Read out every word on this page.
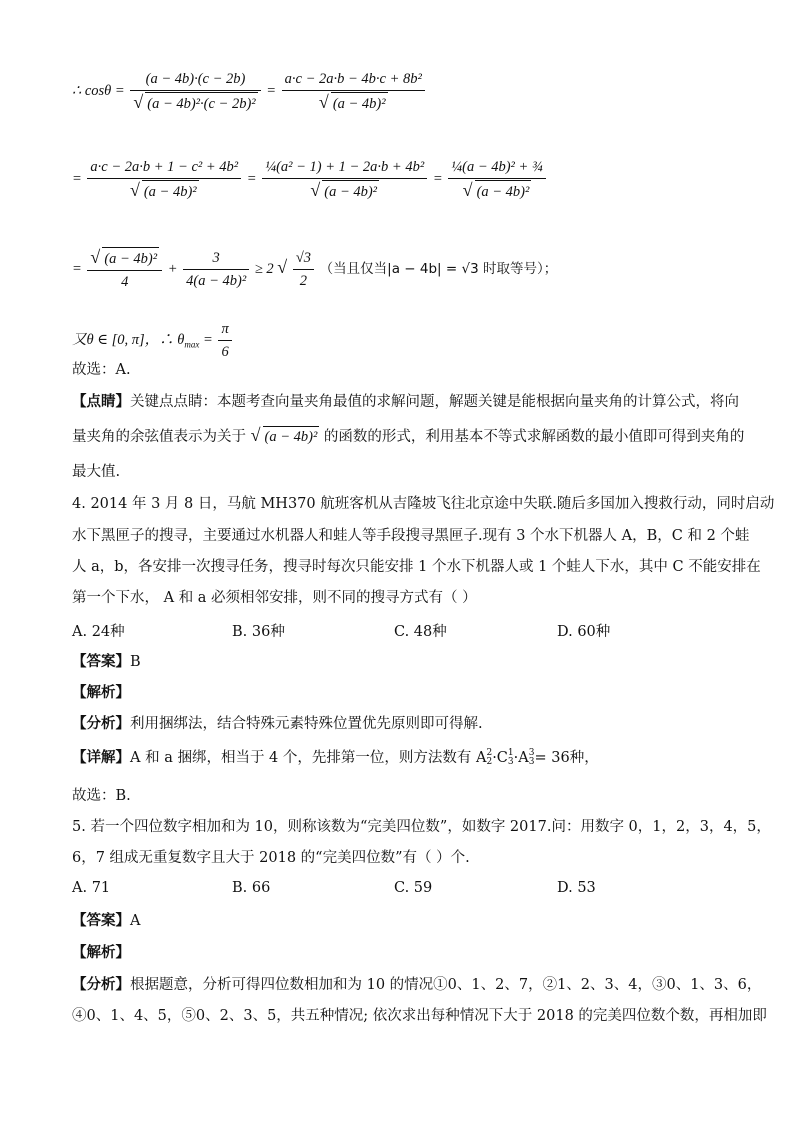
∴ $\cos\theta = \frac{(a - 4b)\cdot(c - 2b)}{\text{√ (a − 4b)²·(c − 2b)²}} = \frac{\text{a·c − 2a·b − 4b·c + 8b²}}{\text{√ (a − 4b)²}}$
= $\frac{\text{a·c − 2a·b + 1 − c² + 4b²}}{\text{√ (a − 4b)²}} = \frac{\text{¼(a² − 1) + 1 − 2a·b + 4b²}}{\text{√ (a − 4b)²}} = \frac{\text{¼(a − 4b)² + ¾}}{\text{√ (a − 4b)²}}$
= $\frac{\text{√ (a − 4b)²}}{4} + \frac{3}{\text{4(a − 4b)²}} \ge 2$ √ $\frac{√3}{2}$ （当且仅当|a − 4b| = √3 时取等号）；
又θ ∈ [0, π]，∴ $\theta_{max} = \frac{\pi}{6}$
故选：A.
【点睛】关键点点睛：本题考查向量夹角最值的求解问题，解题关键是能根据向量夹角的计算公式，将向
量夹角的余弦值表示为关于 √ (a − 4b)² 的函数的形式，利用基本不等式求解函数的最小值即可得到夹角的
最大值.
4. 2014 年 3 月 8 日，马航 MH370 航班客机从吉隆坡飞往北京途中失联.随后多国加入搜救行动，同时启动
水下黑匣子的搜寻，主要通过水机器人和蛙人等手段搜寻黑匣子.现有 3 个水下机器人 A，B，C 和 2 个蛙
人 a，b，各安排一次搜寻任务，搜寻时每次只能安排 1 个水下机器人或 1 个蛙人下水，其中 C 不能安排在
第一个下水， A 和 a 必须相邻安排，则不同的搜寻方式有（ ）
A. 24种	B. 36种	C. 48种	D. 60种
【答案】B
【解析】
【分析】利用捆绑法，结合特殊元素特殊位置优先原则即可得解.
【详解】A 和 a 捆绑，相当于 4 个，先排第一位，则方法数有 A 2
2 ·C 1
3 ·A 3
3 = 36种，
故选：B.
5. 若一个四位数字相加和为 10，则称该数为“完美四位数”，如数字 2017.问：用数字 0，1，2，3，4，5，
6，7 组成无重复数字且大于 2018 的“完美四位数”有（ ）个.
A. 71	B. 66	C. 59	D. 53
【答案】A
【解析】
【分析】根据题意，分析可得四位数相加和为 10 的情况①0、1、2、7，②1、2、3、4，③0、1、3、6，
④0、1、4、5，⑤0、2、3、5，共五种情况; 依次求出每种情况下大于 2018 的完美四位数个数，再相加即
